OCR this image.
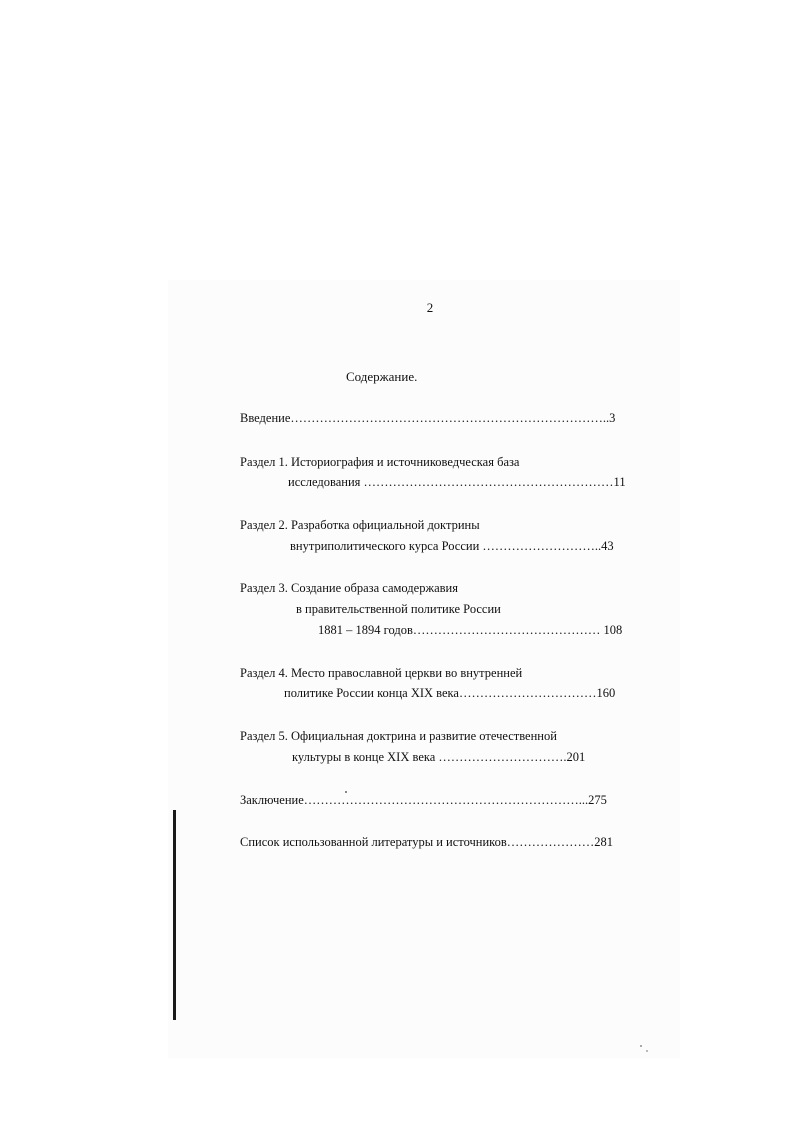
2
Содержание.
Введение…………………………………………………………………..3
Раздел 1. Историография и источниковедческая база
исследования ……………………………………………………11
Раздел 2. Разработка официальной доктрины
внутриполитического курса России ………………………..43
Раздел 3. Создание образа самодержавия
в правительственной политике России
1881 – 1894 годов……………………………………… 108
Раздел 4. Место православной церкви во внутренней
политике России конца XIX века……………………………160
Раздел 5. Официальная доктрина и развитие отечественной
культуры в конце XIX века ………………………….201
Заключение…………………………………………………………...275
Список использованной литературы и источников…………………281
